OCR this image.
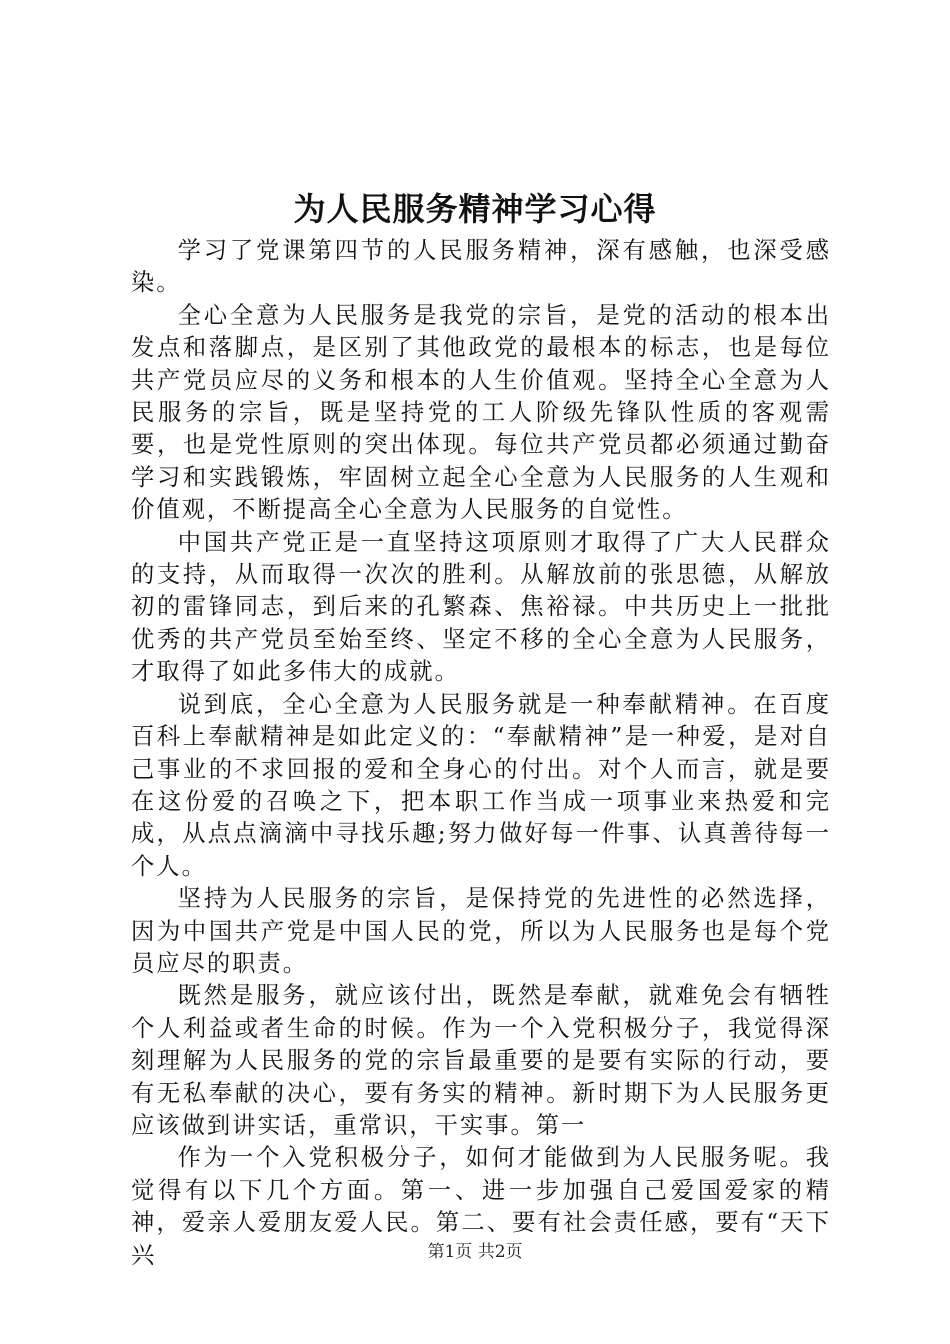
为人民服务精神学习心得

学习了党课第四节的人民服务精神，深有感触，也深受感染。

全心全意为人民服务是我党的宗旨，是党的活动的根本出发点和落脚点，是区别了其他政党的最根本的标志，也是每位共产党员应尽的义务和根本的人生价值观。坚持全心全意为人民服务的宗旨，既是坚持党的工人阶级先锋队性质的客观需要，也是党性原则的突出体现。每位共产党员都必须通过勤奋学习和实践锻炼，牢固树立起全心全意为人民服务的人生观和价值观，不断提高全心全意为人民服务的自觉性。

中国共产党正是一直坚持这项原则才取得了广大人民群众的支持，从而取得一次次的胜利。从解放前的张思德，从解放初的雷锋同志，到后来的孔繁森、焦裕禄。中共历史上一批批优秀的共产党员至始至终、坚定不移的全心全意为人民服务，才取得了如此多伟大的成就。

说到底，全心全意为人民服务就是一种奉献精神。在百度百科上奉献精神是如此定义的：“奉献精神”是一种爱，是对自己事业的不求回报的爱和全身心的付出。对个人而言，就是要在这份爱的召唤之下，把本职工作当成一项事业来热爱和完成，从点点滴滴中寻找乐趣;努力做好每一件事、认真善待每一个人。

坚持为人民服务的宗旨，是保持党的先进性的必然选择，因为中国共产党是中国人民的党，所以为人民服务也是每个党员应尽的职责。

既然是服务，就应该付出，既然是奉献，就难免会有牺牲个人利益或者生命的时候。作为一个入党积极分子，我觉得深刻理解为人民服务的党的宗旨最重要的是要有实际的行动，要有无私奉献的决心，要有务实的精神。新时期下为人民服务更应该做到讲实话，重常识，干实事。第一

作为一个入党积极分子，如何才能做到为人民服务呢。我觉得有以下几个方面。第一、进一步加强自己爱国爱家的精神，爱亲人爱朋友爱人民。第二、要有社会责任感，要有“天下兴	第1页 共2页
